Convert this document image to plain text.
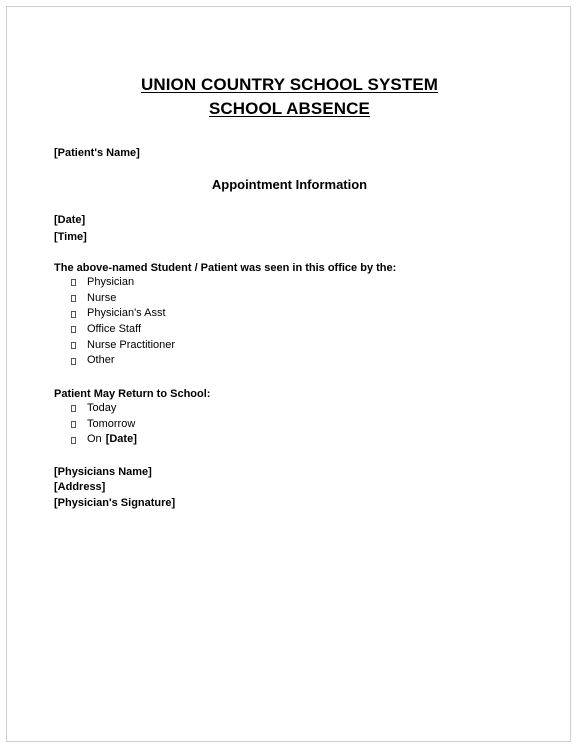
UNION COUNTRY SCHOOL SYSTEM
SCHOOL ABSENCE
[Patient's Name]
Appointment Information
[Date]
[Time]
The above-named Student / Patient was seen in this office by the:
Physician
Nurse
Physician's Asst
Office Staff
Nurse Practitioner
Other
Patient May Return to School:
Today
Tomorrow
On [Date]
[Physicians Name]
[Address]
[Physician's Signature]
